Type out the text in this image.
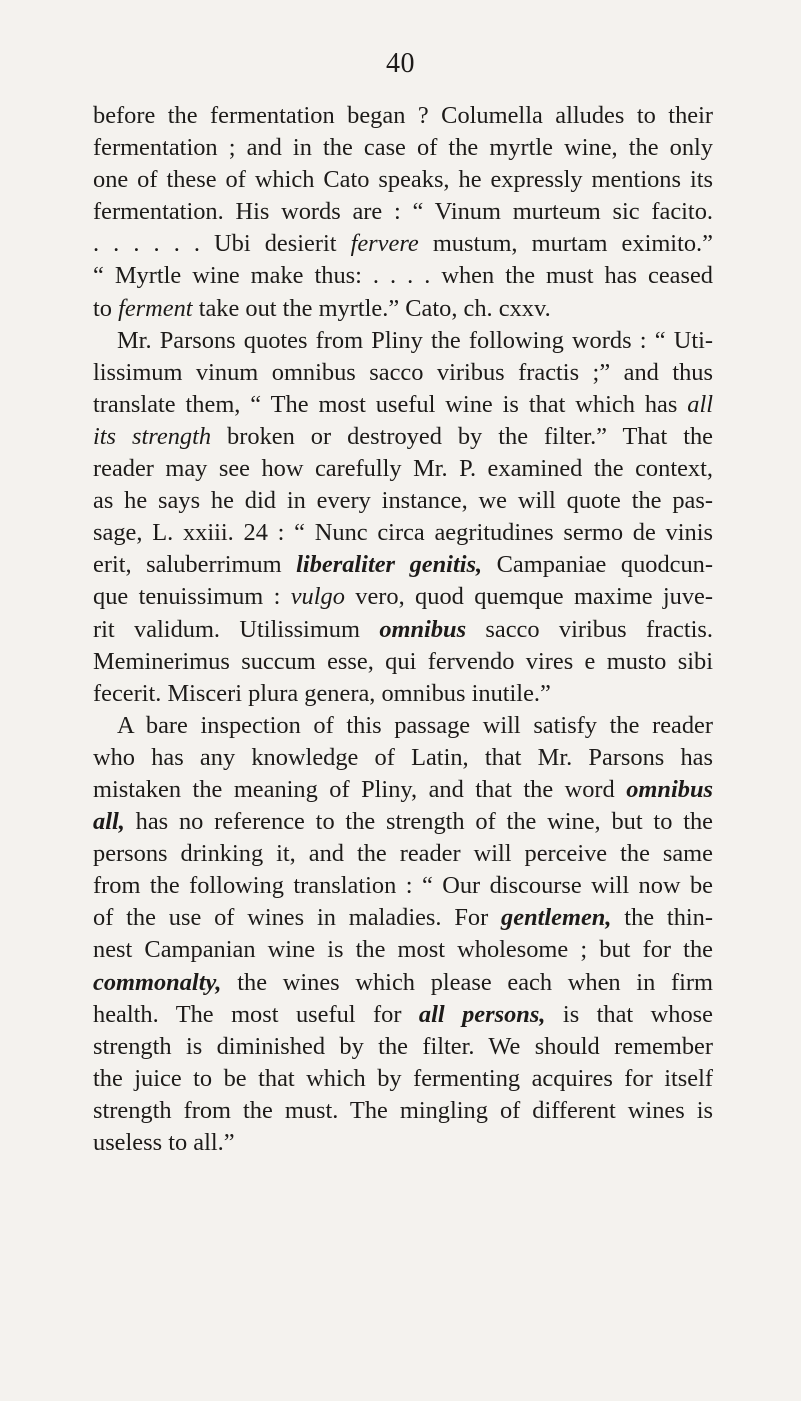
40
before the fermentation began ? Columella alludes to their
fermentation ; and in the case of the myrtle wine, the only
one of these of which Cato speaks, he expressly mentions its
fermentation. His words are : “ Vinum murteum sic facito.
. . . . . . Ubi desierit fervere mustum, murtam eximito.”
“ Myrtle wine make thus: . . . . when the must has ceased
to ferment take out the myrtle.” Cato, ch. cxxv.
Mr. Parsons quotes from Pliny the following words : “ Uti-
lissimum vinum omnibus sacco viribus fractis ;” and thus
translate them, “ The most useful wine is that which has all
its strength broken or destroyed by the filter.” That the
reader may see how carefully Mr. P. examined the context,
as he says he did in every instance, we will quote the pas-
sage, L. xxiii. 24 : “ Nunc circa aegritudines sermo de vinis
erit, saluberrimum liberaliter genitis, Campaniae quodcun-
que tenuissimum : vulgo vero, quod quemque maxime juve-
rit validum. Utilissimum omnibus sacco viribus fractis.
Meminerimus succum esse, qui fervendo vires e musto sibi
fecerit. Misceri plura genera, omnibus inutile.”
A bare inspection of this passage will satisfy the reader
who has any knowledge of Latin, that Mr. Parsons has
mistaken the meaning of Pliny, and that the word omnibus
all, has no reference to the strength of the wine, but to the
persons drinking it, and the reader will perceive the same
from the following translation : “ Our discourse will now be
of the use of wines in maladies. For gentlemen, the thin-
nest Campanian wine is the most wholesome ; but for the
commonalty, the wines which please each when in firm
health. The most useful for all persons, is that whose
strength is diminished by the filter. We should remember
the juice to be that which by fermenting acquires for itself
strength from the must. The mingling of different wines is
useless to all.”
